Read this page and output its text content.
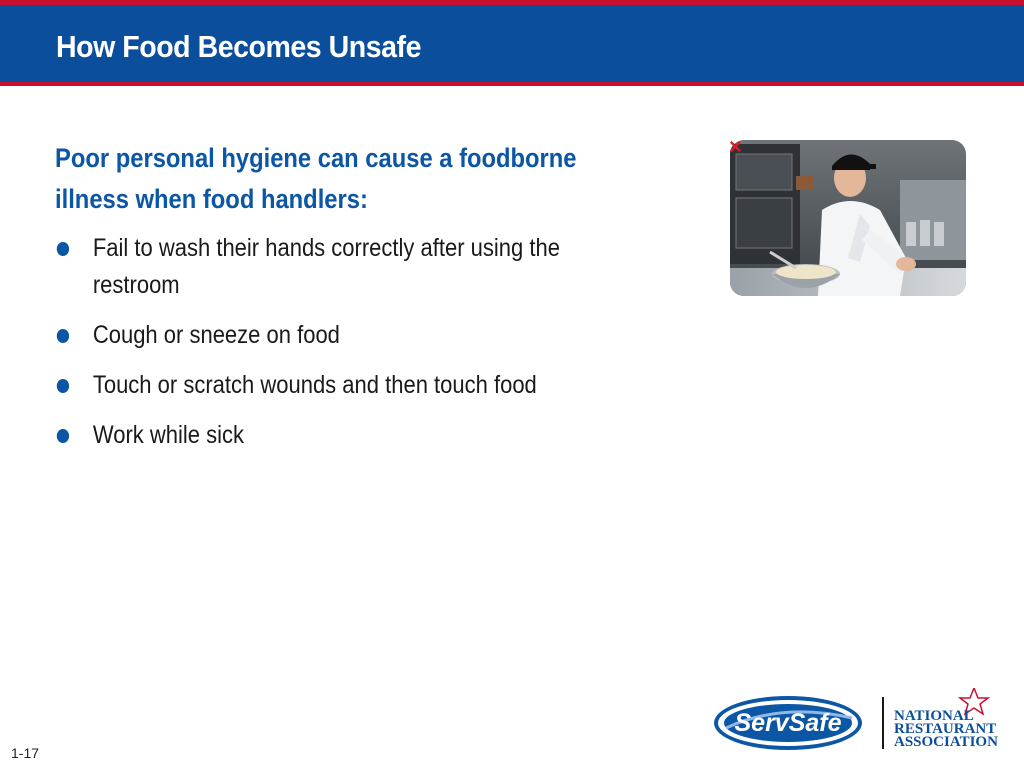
How Food Becomes Unsafe

Poor personal hygiene can cause a foodborne illness when food handlers:

Fail to wash their hands correctly after using the restroom
Cough or sneeze on food
Touch or scratch wounds and then touch food
Work while sick
×
1-17
ServSafe	NATIONAL
RESTAURANT
ASSOCIATION
